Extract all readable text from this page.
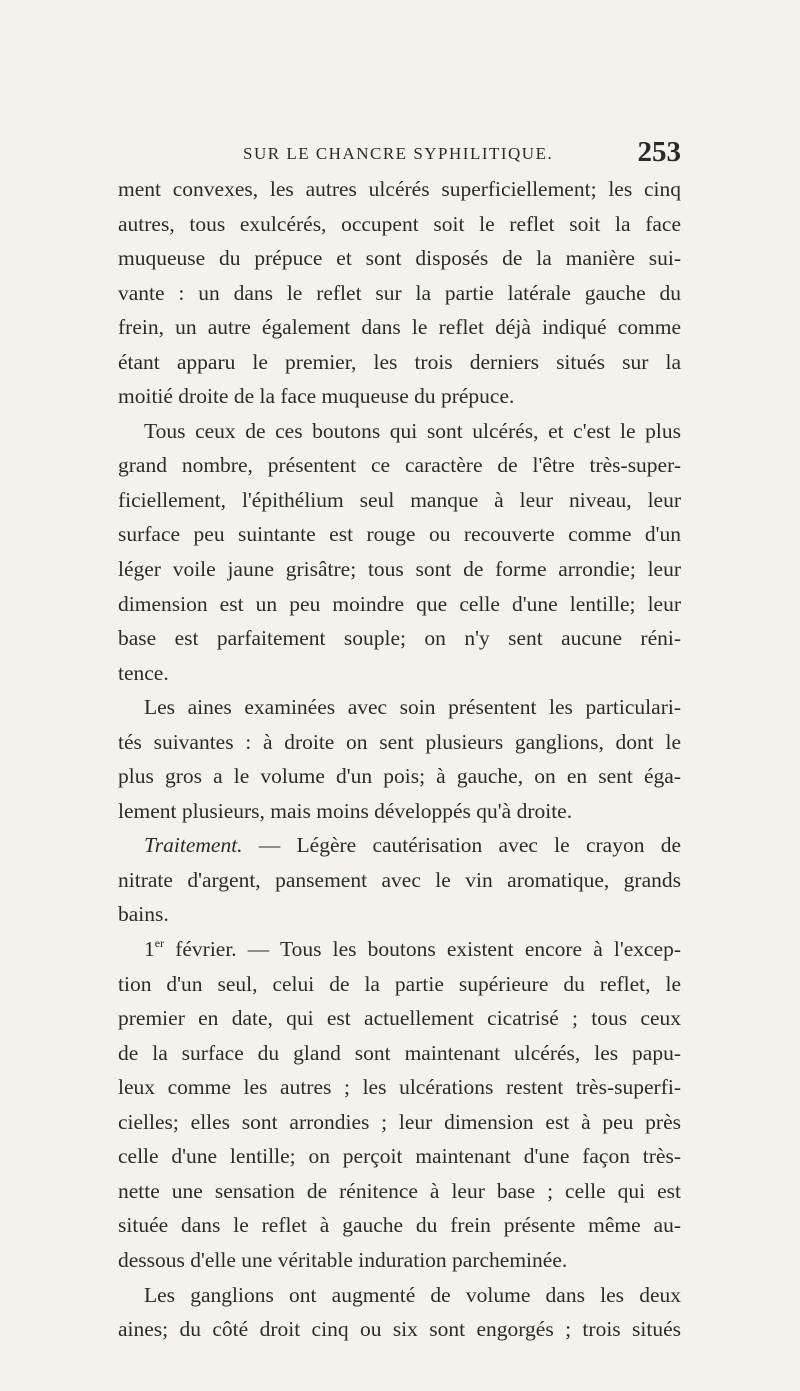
SUR LE CHANCRE SYPHILITIQUE.	253
ment convexes, les autres ulcérés superficiellement; les cinq
autres, tous exulcérés, occupent soit le reflet soit la face
muqueuse du prépuce et sont disposés de la manière sui-
vante : un dans le reflet sur la partie latérale gauche du
frein, un autre également dans le reflet déjà indiqué comme
étant apparu le premier, les trois derniers situés sur la
moitié droite de la face muqueuse du prépuce.
Tous ceux de ces boutons qui sont ulcérés, et c'est le plus
grand nombre, présentent ce caractère de l'être très-super-
ficiellement, l'épithélium seul manque à leur niveau, leur
surface peu suintante est rouge ou recouverte comme d'un
léger voile jaune grisâtre; tous sont de forme arrondie; leur
dimension est un peu moindre que celle d'une lentille; leur
base est parfaitement souple; on n'y sent aucune réni-
tence.
Les aines examinées avec soin présentent les particulari-
tés suivantes : à droite on sent plusieurs ganglions, dont le
plus gros a le volume d'un pois; à gauche, on en sent éga-
lement plusieurs, mais moins développés qu'à droite.
Traitement. — Légère cautérisation avec le crayon de
nitrate d'argent, pansement avec le vin aromatique, grands
bains.
1er février. — Tous les boutons existent encore à l'excep-
tion d'un seul, celui de la partie supérieure du reflet, le
premier en date, qui est actuellement cicatrisé ; tous ceux
de la surface du gland sont maintenant ulcérés, les papu-
leux comme les autres ; les ulcérations restent très-superfi-
cielles; elles sont arrondies ; leur dimension est à peu près
celle d'une lentille; on perçoit maintenant d'une façon très-
nette une sensation de rénitence à leur base ; celle qui est
située dans le reflet à gauche du frein présente même au-
dessous d'elle une véritable induration parcheminée.
Les ganglions ont augmenté de volume dans les deux
aines; du côté droit cinq ou six sont engorgés ; trois situés
